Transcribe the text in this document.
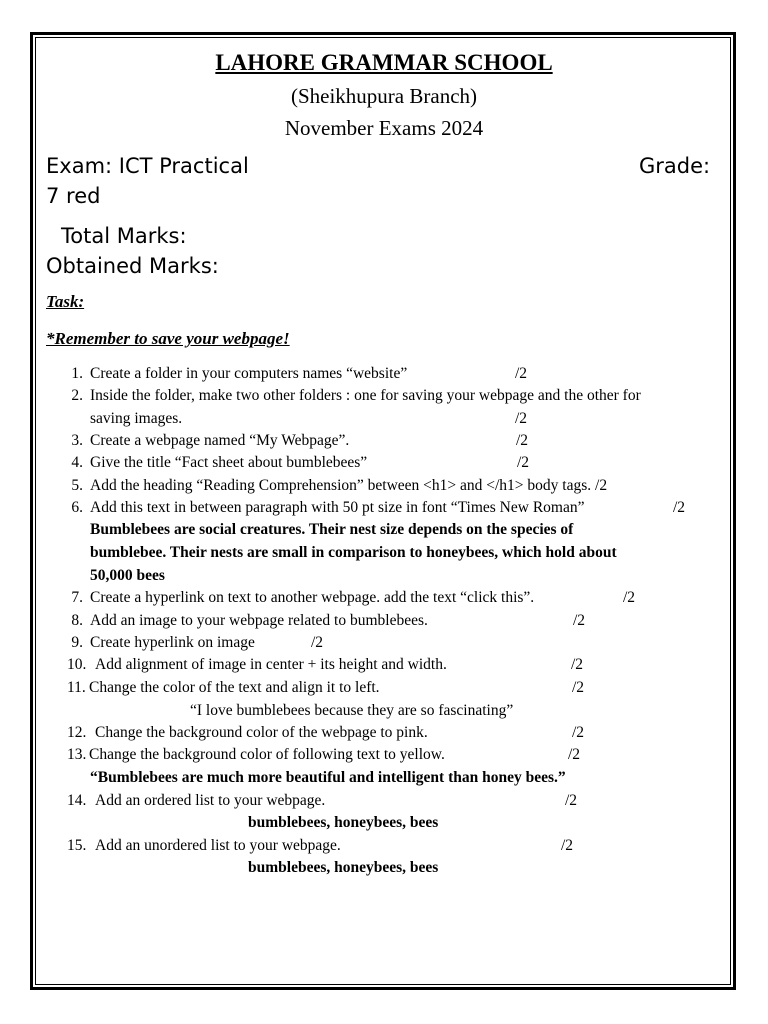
LAHORE GRAMMAR SCHOOL
(Sheikhupura Branch)
November Exams 2024
Exam: ICT Practical	Grade:
7 red
Total Marks:
Obtained Marks:
Task:
*Remember to save your webpage!
1. Create a folder in your computers names “website”	/2
2. Inside the folder, make two other folders : one for saving your webpage and the other for
saving images.	/2
3. Create a webpage named “My Webpage”.	/2
4. Give the title “Fact sheet about bumblebees”	/2
5. Add the heading “Reading Comprehension” between <h1> and </h1> body tags. /2
6. Add this text in between paragraph with 50 pt size in font “Times New Roman”	/2
Bumblebees are social creatures. Their nest size depends on the species of
bumblebee. Their nests are small in comparison to honeybees, which hold about
50,000 bees
7. Create a hyperlink on text to another webpage. add the text “click this”.	/2
8. Add an image to your webpage related to bumblebees.	/2
9. Create hyperlink on image	/2
10. Add alignment of image in center + its height and width.	/2
11. Change the color of the text and align it to left.	/2
“I love bumblebees because they are so fascinating”
12. Change the background color of the webpage to pink.	/2
13. Change the background color of following text to yellow.	/2
“Bumblebees are much more beautiful and intelligent than honey bees.”
14. Add an ordered list to your webpage.	/2
bumblebees, honeybees, bees
15. Add an unordered list to your webpage.	/2
bumblebees, honeybees, bees
